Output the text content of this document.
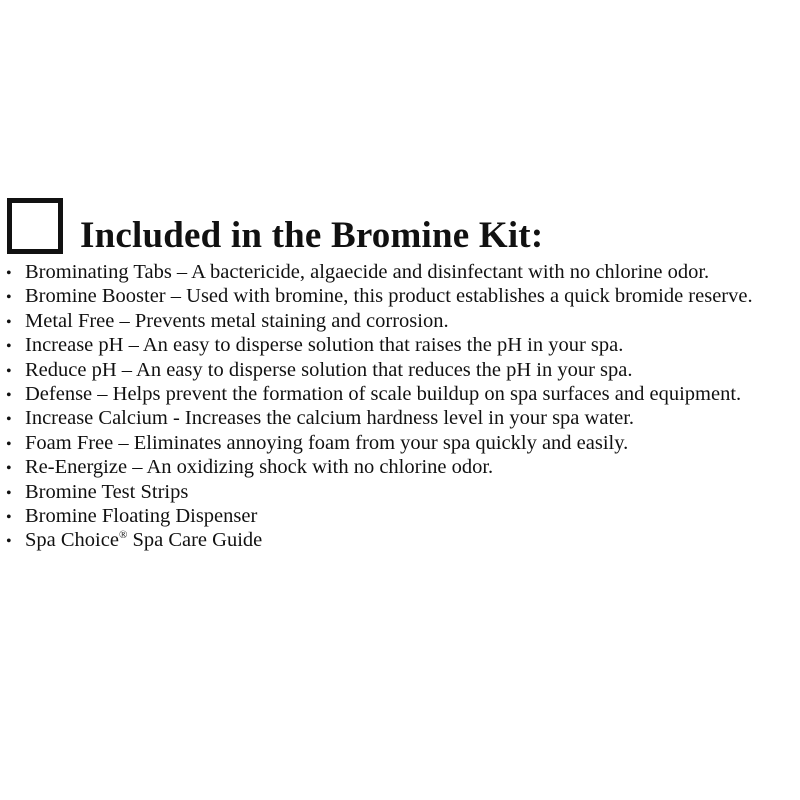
Included in the Bromine Kit:
• Brominating Tabs – A bactericide, algaecide and disinfectant with no chlorine odor.
• Bromine Booster – Used with bromine, this product establishes a quick bromide reserve.
• Metal Free – Prevents metal staining and corrosion.
• Increase pH – An easy to disperse solution that raises the pH in your spa.
• Reduce pH – An easy to disperse solution that reduces the pH in your spa.
• Defense – Helps prevent the formation of scale buildup on spa surfaces and equipment.
• Increase Calcium - Increases the calcium hardness level in your spa water.
• Foam Free – Eliminates annoying foam from your spa quickly and easily.
• Re-Energize – An oxidizing shock with no chlorine odor.
• Bromine Test Strips
• Bromine Floating Dispenser
• Spa Choice® Spa Care Guide
